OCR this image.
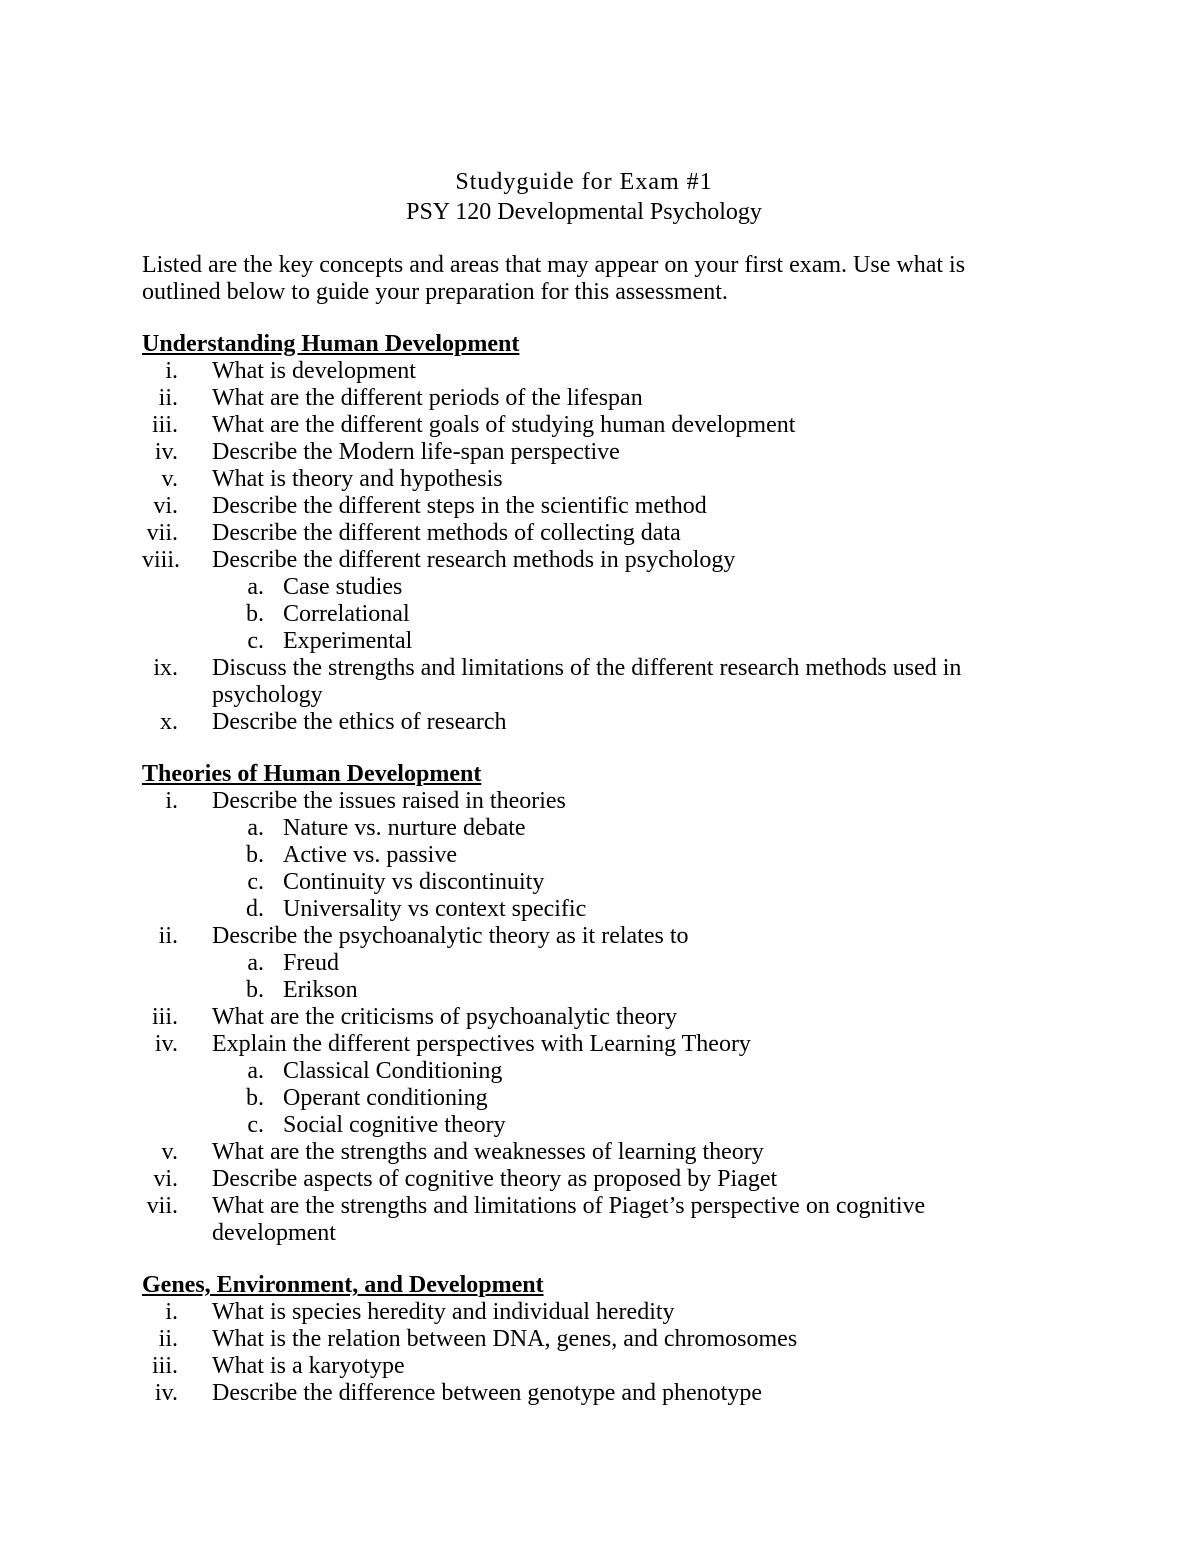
Studyguide for Exam #1
PSY 120 Developmental Psychology
Listed are the key concepts and areas that may appear on your first exam. Use what is outlined below to guide your preparation for this assessment.
Understanding Human Development
i. What is development
ii. What are the different periods of the lifespan
iii. What are the different goals of studying human development
iv. Describe the Modern life-span perspective
v. What is theory and hypothesis
vi. Describe the different steps in the scientific method
vii. Describe the different methods of collecting data
viii. Describe the different research methods in psychology
a. Case studies
b. Correlational
c. Experimental
ix. Discuss the strengths and limitations of the different research methods used in psychology
x. Describe the ethics of research
Theories of Human Development
i. Describe the issues raised in theories
a. Nature vs. nurture debate
b. Active vs. passive
c. Continuity vs discontinuity
d. Universality vs context specific
ii. Describe the psychoanalytic theory as it relates to
a. Freud
b. Erikson
iii. What are the criticisms of psychoanalytic theory
iv. Explain the different perspectives with Learning Theory
a. Classical Conditioning
b. Operant conditioning
c. Social cognitive theory
v. What are the strengths and weaknesses of learning theory
vi. Describe aspects of cognitive theory as proposed by Piaget
vii. What are the strengths and limitations of Piaget’s perspective on cognitive development
Genes, Environment, and Development
i. What is species heredity and individual heredity
ii. What is the relation between DNA, genes, and chromosomes
iii. What is a karyotype
iv. Describe the difference between genotype and phenotype
